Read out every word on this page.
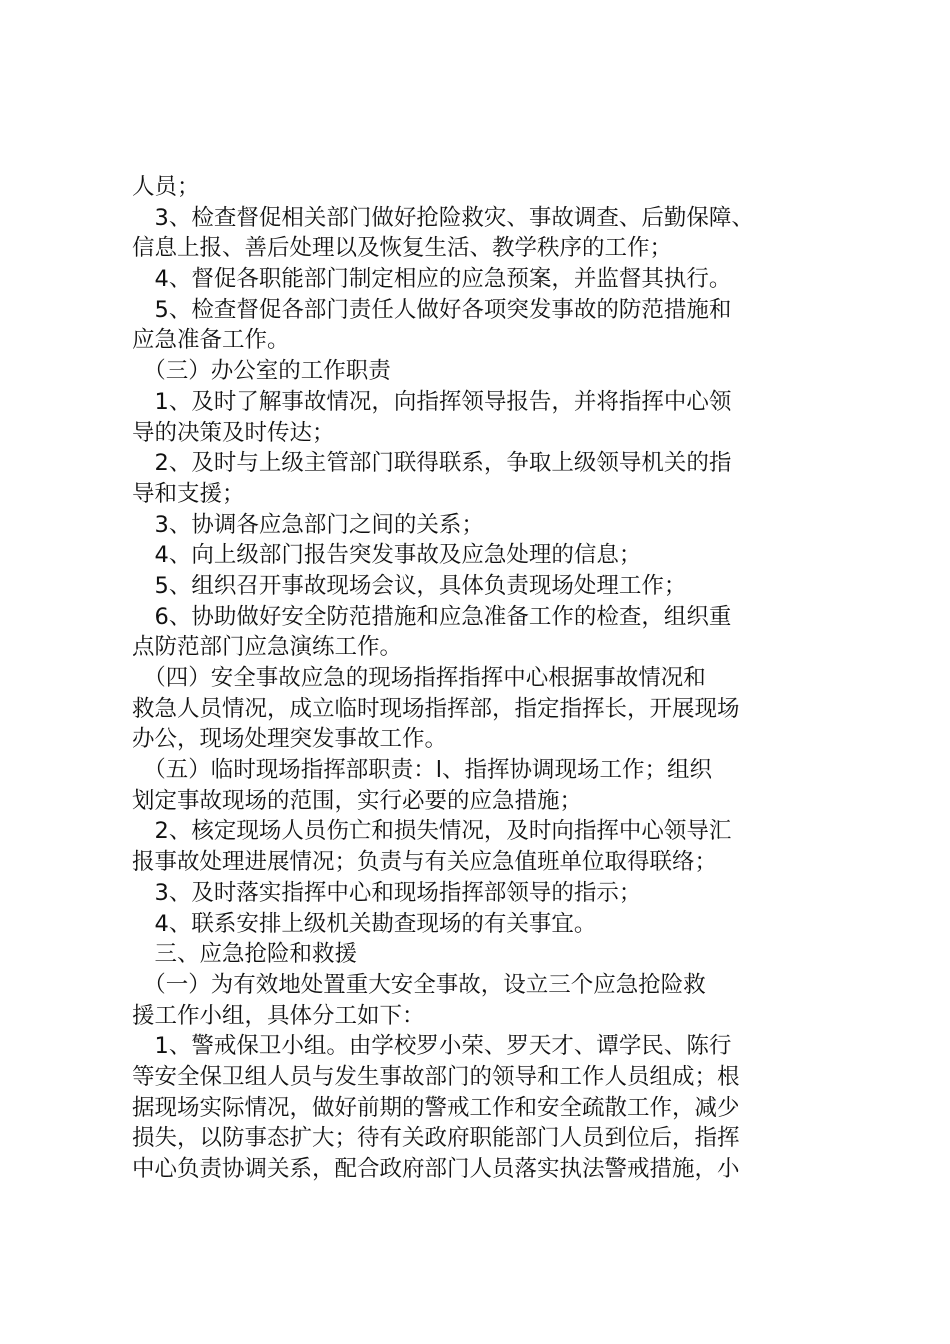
人员；
　3、检查督促相关部门做好抢险救灾、事故调查、后勤保障、
信息上报、善后处理以及恢复生活、教学秩序的工作；
　4、督促各职能部门制定相应的应急预案，并监督其执行。
　5、检查督促各部门责任人做好各项突发事故的防范措施和
应急准备工作。
　（三）办公室的工作职责
　1、及时了解事故情况，向指挥领导报告，并将指挥中心领
导的决策及时传达；
　2、及时与上级主管部门联得联系，争取上级领导机关的指
导和支援；
　3、协调各应急部门之间的关系；
　4、向上级部门报告突发事故及应急处理的信息；
　5、组织召开事故现场会议，具体负责现场处理工作；
　6、协助做好安全防范措施和应急准备工作的检查，组织重
点防范部门应急演练工作。
　（四）安全事故应急的现场指挥指挥中心根据事故情况和
救急人员情况，成立临时现场指挥部，指定指挥长，开展现场
办公，现场处理突发事故工作。
　（五）临时现场指挥部职责：l、指挥协调现场工作；组织
划定事故现场的范围，实行必要的应急措施；
　2、核定现场人员伤亡和损失情况，及时向指挥中心领导汇
报事故处理进展情况；负责与有关应急值班单位取得联络；
　3、及时落实指挥中心和现场指挥部领导的指示；
　4、联系安排上级机关勘查现场的有关事宜。
　三、应急抢险和救援
　（一）为有效地处置重大安全事故，设立三个应急抢险救
援工作小组，具体分工如下：
　1、警戒保卫小组。由学校罗小荣、罗天才、谭学民、陈行
等安全保卫组人员与发生事故部门的领导和工作人员组成；根
据现场实际情况，做好前期的警戒工作和安全疏散工作，减少
损失，以防事态扩大；待有关政府职能部门人员到位后，指挥
中心负责协调关系，配合政府部门人员落实执法警戒措施，小
